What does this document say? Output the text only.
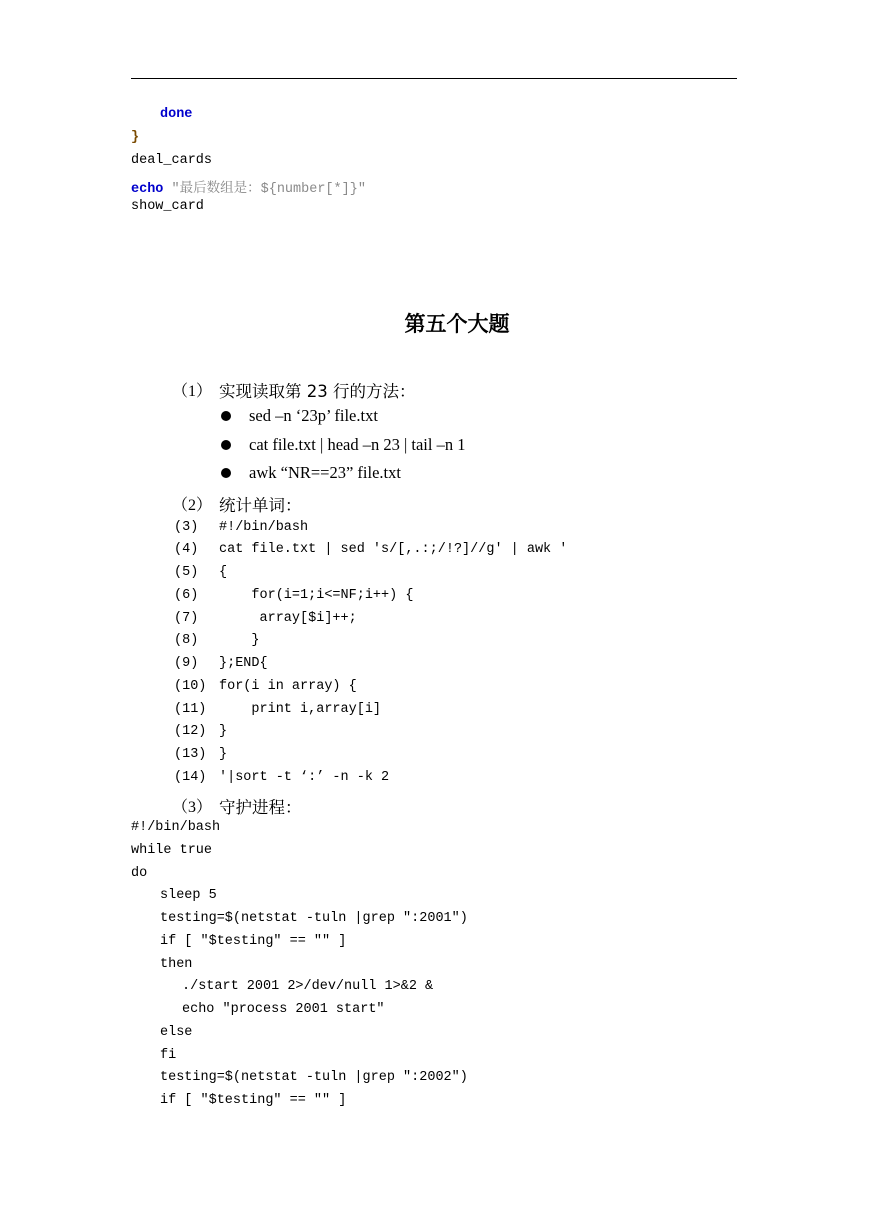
done
}
deal_cards
echo "最后数组是：${number[*]}"
show_card
第五个大题
（1） 实现读取第 23 行的方法：
sed –n ‘23p’ file.txt
cat file.txt | head –n 23 | tail –n 1
awk “NR==23” file.txt
（2） 统计单词：
(3) #!/bin/bash
(4) cat file.txt | sed 's/[,.:;/!?]//g' | awk '
(5) {
(6) for(i=1;i<=NF;i++) {
(7) array[$i]++;
(8) }
(9) };END{
(10) for(i in array) {
(11) print i,array[i]
(12) }
(13) }
(14) '|sort -t ‘:’ -n -k 2
（3） 守护进程：
#!/bin/bash
while true
do
sleep 5
testing=$(netstat -tuln |grep ":2001")
if [ "$testing" == "" ]
then
./start 2001 2>/dev/null 1>&2 &
echo "process 2001 start"
else
fi
testing=$(netstat -tuln |grep ":2002")
if [ "$testing" == "" ]
